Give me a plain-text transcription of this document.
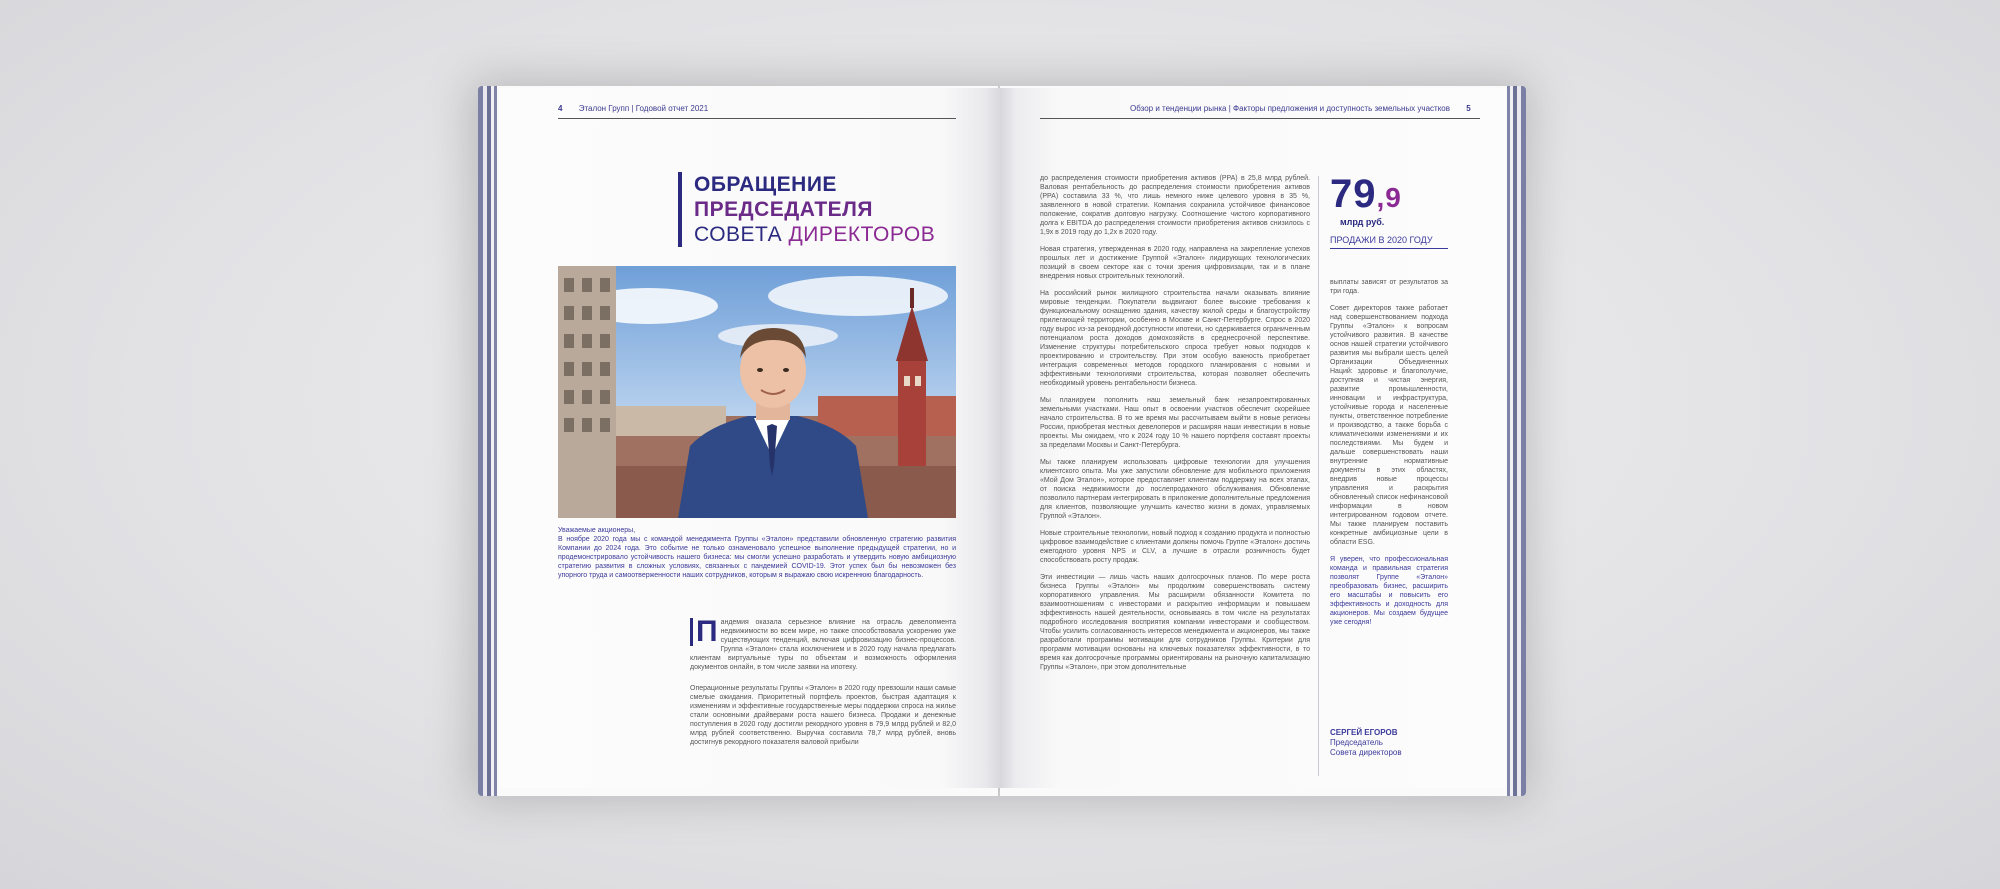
4 Эталон Групп | Годовой отчет 2021
ОБРАЩЕНИЕ
ПРЕДСЕДАТЕЛЯ
СОВЕТА ДИРЕКТОРОВ
Уважаемые акционеры,
В ноябре 2020 года мы с командой менеджмента Группы «Эталон» представили обновленную стратегию развития Компании до 2024 года. Это событие не только ознаменовало успешное выполнение предыдущей стратегии, но и продемонстрировало устойчивость нашего бизнеса: мы смогли успешно разработать и утвердить новую амбициозную стратегию развития в сложных условиях, связанных с пандемией COVID-19. Этот успех был бы невозможен без упорного труда и самоотверженности наших сотрудников, которым я выражаю свою искреннюю благодарность.
П андемия оказала серьезное влияние на отрасль девелопмента недвижимости во всем мире, но также способствовала ускорению уже существующих тенденций, включая цифровизацию бизнес-процессов. Группа «Эталон» стала исключением и в 2020 году начала предлагать клиентам виртуальные туры по объектам и возможность оформления документов онлайн, в том числе заявки на ипотеку.
Операционные результаты Группы «Эталон» в 2020 году превзошли наши самые смелые ожидания. Приоритетный портфель проектов, быстрая адаптация к изменениям и эффективные государственные меры поддержки спроса на жилье стали основными драйверами роста нашего бизнеса. Продажи и денежные поступления в 2020 году достигли рекордного уровня в 79,9 млрд рублей и 82,0 млрд рублей соответственно. Выручка составила 78,7 млрд рублей, вновь достигнув рекордного показателя валовой прибыли
Обзор и тенденции рынка | Факторы предложения и доступность земельных участков 5

до распределения стоимости приобретения активов (PPA) в 25,8 млрд рублей. Валовая рентабельность до распределения стоимости приобретения активов (PPA) составила 33 %, что лишь немного ниже целевого уровня в 35 %, заявленного в новой стратегии. Компания сохранила устойчивое финансовое положение, сократив долговую нагрузку. Соотношение чистого корпоративного долга к EBITDA до распределения стоимости приобретения активов снизилось с 1,9x в 2019 году до 1,2x в 2020 году.

Новая стратегия, утвержденная в 2020 году, направлена на закрепление успехов прошлых лет и достижение Группой «Эталон» лидирующих технологических позиций в своем секторе как с точки зрения цифровизации, так и в плане внедрения новых строительных технологий.

На российский рынок жилищного строительства начали оказывать влияние мировые тенденции. Покупатели выдвигают более высокие требования к функциональному оснащению здания, качеству жилой среды и благоустройству прилегающей территории, особенно в Москве и Санкт-Петербурге. Спрос в 2020 году вырос из-за рекордной доступности ипотеки, но сдерживается ограниченным потенциалом роста доходов домохозяйств в среднесрочной перспективе. Изменение структуры потребительского спроса требует новых подходов к проектированию и строительству. При этом особую важность приобретает интеграция современных методов городского планирования с новыми и эффективными технологиями строительства, которая позволяет обеспечить необходимый уровень рентабельности бизнеса.

Мы планируем пополнить наш земельный банк незапроектированных земельными участками. Наш опыт в освоении участков обеспечит скорейшее начало строительства. В то же время мы рассчитываем выйти в новые регионы России, приобретая местных девелоперов и расширяя наши инвестиции в новые проекты. Мы ожидаем, что к 2024 году 10 % нашего портфеля составят проекты за пределами Москвы и Санкт-Петербурга.

Мы также планируем использовать цифровые технологии для улучшения клиентского опыта. Мы уже запустили обновление для мобильного приложения «Мой Дом Эталон», которое предоставляет клиентам поддержку на всех этапах, от поиска недвижимости до послепродажного обслуживания. Обновление позволило партнерам интегрировать в приложение дополнительные предложения для клиентов, позволяющие улучшить качество жизни в домах, управляемых Группой «Эталон».

Новые строительные технологии, новый подход к созданию продукта и полностью цифровое взаимодействие с клиентами должны помочь Группе «Эталон» достичь ежегодного уровня NPS и CLV, а лучшие в отрасли розничность будет способствовать росту продаж.

Эти инвестиции — лишь часть наших долгосрочных планов. По мере роста бизнеса Группы «Эталон» мы продолжим совершенствовать систему корпоративного управления. Мы расширили обязанности Комитета по взаимоотношениям с инвесторами и раскрытию информации и повышаем эффективность нашей деятельности, основываясь в том числе на результатах подробного исследования восприятия компании инвесторами и сообществом. Чтобы усилить согласованность интересов менеджмента и акционеров, мы также разработали программы мотивации для сотрудников Группы. Критерии для программ мотивации основаны на ключевых показателях эффективности, в то время как долгосрочные программы ориентированы на рыночную капитализацию Группы «Эталон», при этом дополнительные

79,9
млрд руб.
ПРОДАЖИ В 2020 ГОДУ

выплаты зависят от результатов за три года.

Совет директоров также работает над совершенствованием подхода Группы «Эталон» к вопросам устойчивого развития. В качестве основ нашей стратегии устойчивого развития мы выбрали шесть целей Организации Объединенных Наций: здоровье и благополучие, доступная и чистая энергия, развитие промышленности, инновации и инфраструктура, устойчивые города и населенные пункты, ответственное потребление и производство, а также борьба с климатическими изменениями и их последствиями. Мы будем и дальше совершенствовать наши внутренние нормативные документы в этих областях, внедрив новые процессы управления и раскрытия обновленный список нефинансовой информации в новом интегрированном годовом отчете. Мы также планируем поставить конкретные амбициозные цели в области ESG.

Я уверен, что профессиональная команда и правильная стратегия позволят Группе «Эталон» преобразовать бизнес, расширить его масштабы и повысить его эффективность и доходность для акционеров. Мы создаем будущее уже сегодня!

СЕРГЕЙ ЕГОРОВ
Председатель
Совета директоров
